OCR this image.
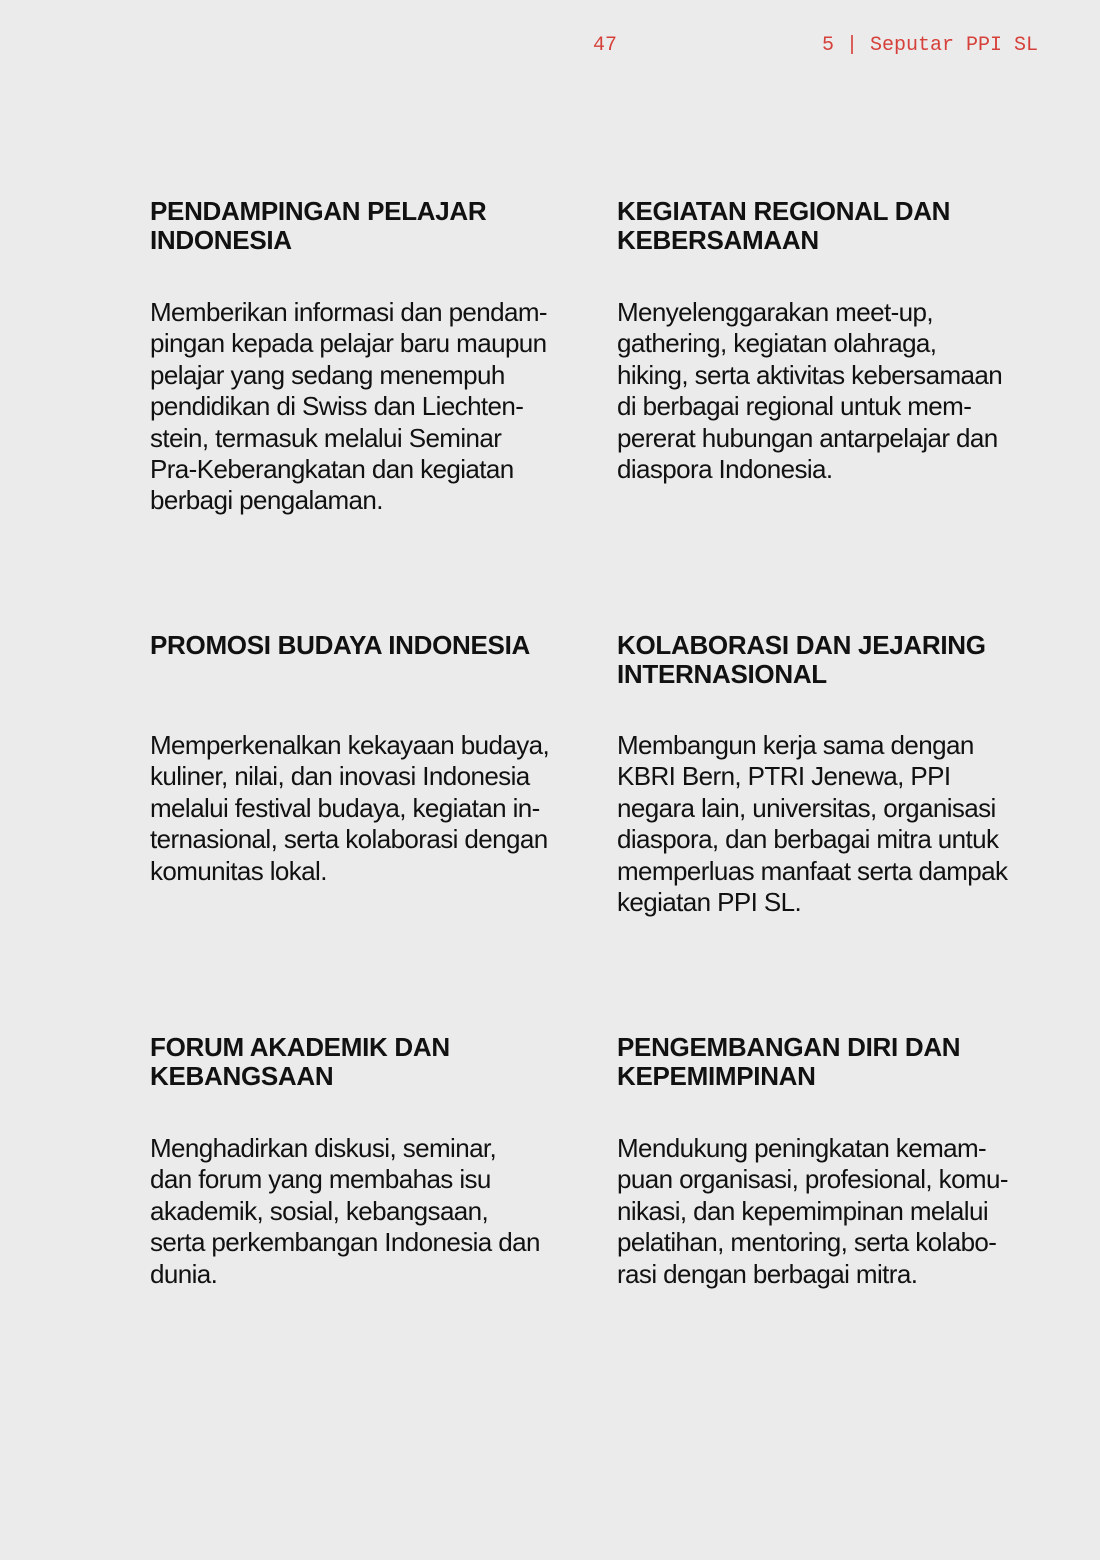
47	5 | Seputar PPI SL
PENDAMPINGAN PELAJAR
INDONESIA

Memberikan informasi dan pendam-
pingan kepada pelajar baru maupun
pelajar yang sedang menempuh
pendidikan di Swiss dan Liechten-
stein, termasuk melalui Seminar
Pra-Keberangkatan dan kegiatan
berbagi pengalaman.

KEGIATAN REGIONAL DAN
KEBERSAMAAN

Menyelenggarakan meet-up,
gathering, kegiatan olahraga,
hiking, serta aktivitas kebersamaan
di berbagai regional untuk mem-
pererat hubungan antarpelajar dan
diaspora Indonesia.

PROMOSI BUDAYA INDONESIA

Memperkenalkan kekayaan budaya,
kuliner, nilai, dan inovasi Indonesia
melalui festival budaya, kegiatan in-
ternasional, serta kolaborasi dengan
komunitas lokal.

KOLABORASI DAN JEJARING
INTERNASIONAL

Membangun kerja sama dengan
KBRI Bern, PTRI Jenewa, PPI
negara lain, universitas, organisasi
diaspora, dan berbagai mitra untuk
memperluas manfaat serta dampak
kegiatan PPI SL.

FORUM AKADEMIK DAN
KEBANGSAAN

Menghadirkan diskusi, seminar,
dan forum yang membahas isu
akademik, sosial, kebangsaan,
serta perkembangan Indonesia dan
dunia.

PENGEMBANGAN DIRI DAN
KEPEMIMPINAN

Mendukung peningkatan kemam-
puan organisasi, profesional, komu-
nikasi, dan kepemimpinan melalui
pelatihan, mentoring, serta kolabo-
rasi dengan berbagai mitra.
